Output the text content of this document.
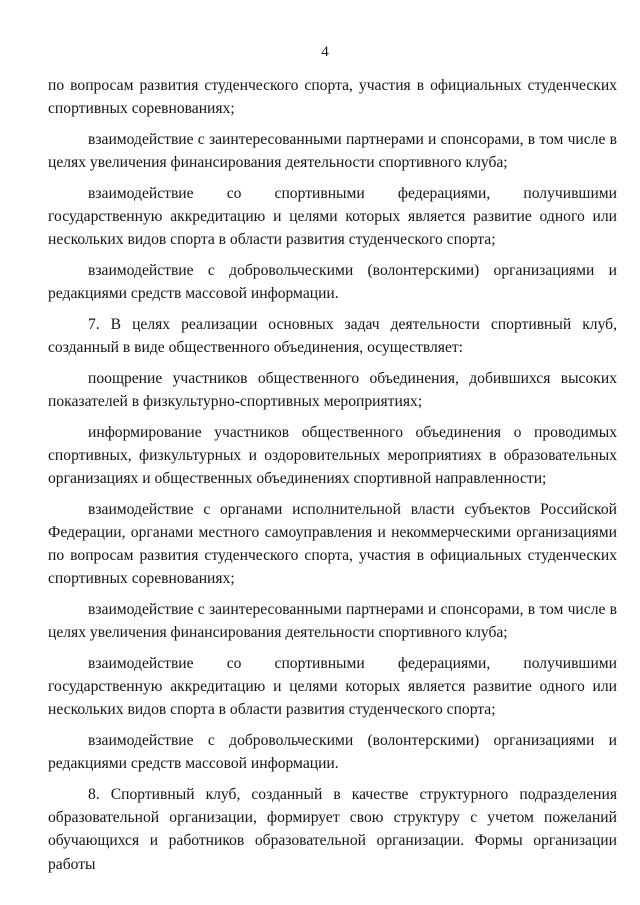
4

по вопросам развития студенческого спорта, участия в официальных студенческих спортивных соревнованиях;

взаимодействие с заинтересованными партнерами и спонсорами, в том числе в целях увеличения финансирования деятельности спортивного клуба;

взаимодействие со спортивными федерациями, получившими государственную аккредитацию и целями которых является развитие одного или нескольких видов спорта в области развития студенческого спорта;

взаимодействие с добровольческими (волонтерскими) организациями и редакциями средств массовой информации.

7. В целях реализации основных задач деятельности спортивный клуб, созданный в виде общественного объединения, осуществляет:

поощрение участников общественного объединения, добившихся высоких показателей в физкультурно-спортивных мероприятиях;

информирование участников общественного объединения о проводимых спортивных, физкультурных и оздоровительных мероприятиях в образовательных организациях и общественных объединениях спортивной направленности;

взаимодействие с органами исполнительной власти субъектов Российской Федерации, органами местного самоуправления и некоммерческими организациями по вопросам развития студенческого спорта, участия в официальных студенческих спортивных соревнованиях;

взаимодействие с заинтересованными партнерами и спонсорами, в том числе в целях увеличения финансирования деятельности спортивного клуба;

взаимодействие со спортивными федерациями, получившими государственную аккредитацию и целями которых является развитие одного или нескольких видов спорта в области развития студенческого спорта;

взаимодействие с добровольческими (волонтерскими) организациями и редакциями средств массовой информации.

8. Спортивный клуб, созданный в качестве структурного подразделения образовательной организации, формирует свою структуру с учетом пожеланий обучающихся и работников образовательной организации. Формы организации работы
